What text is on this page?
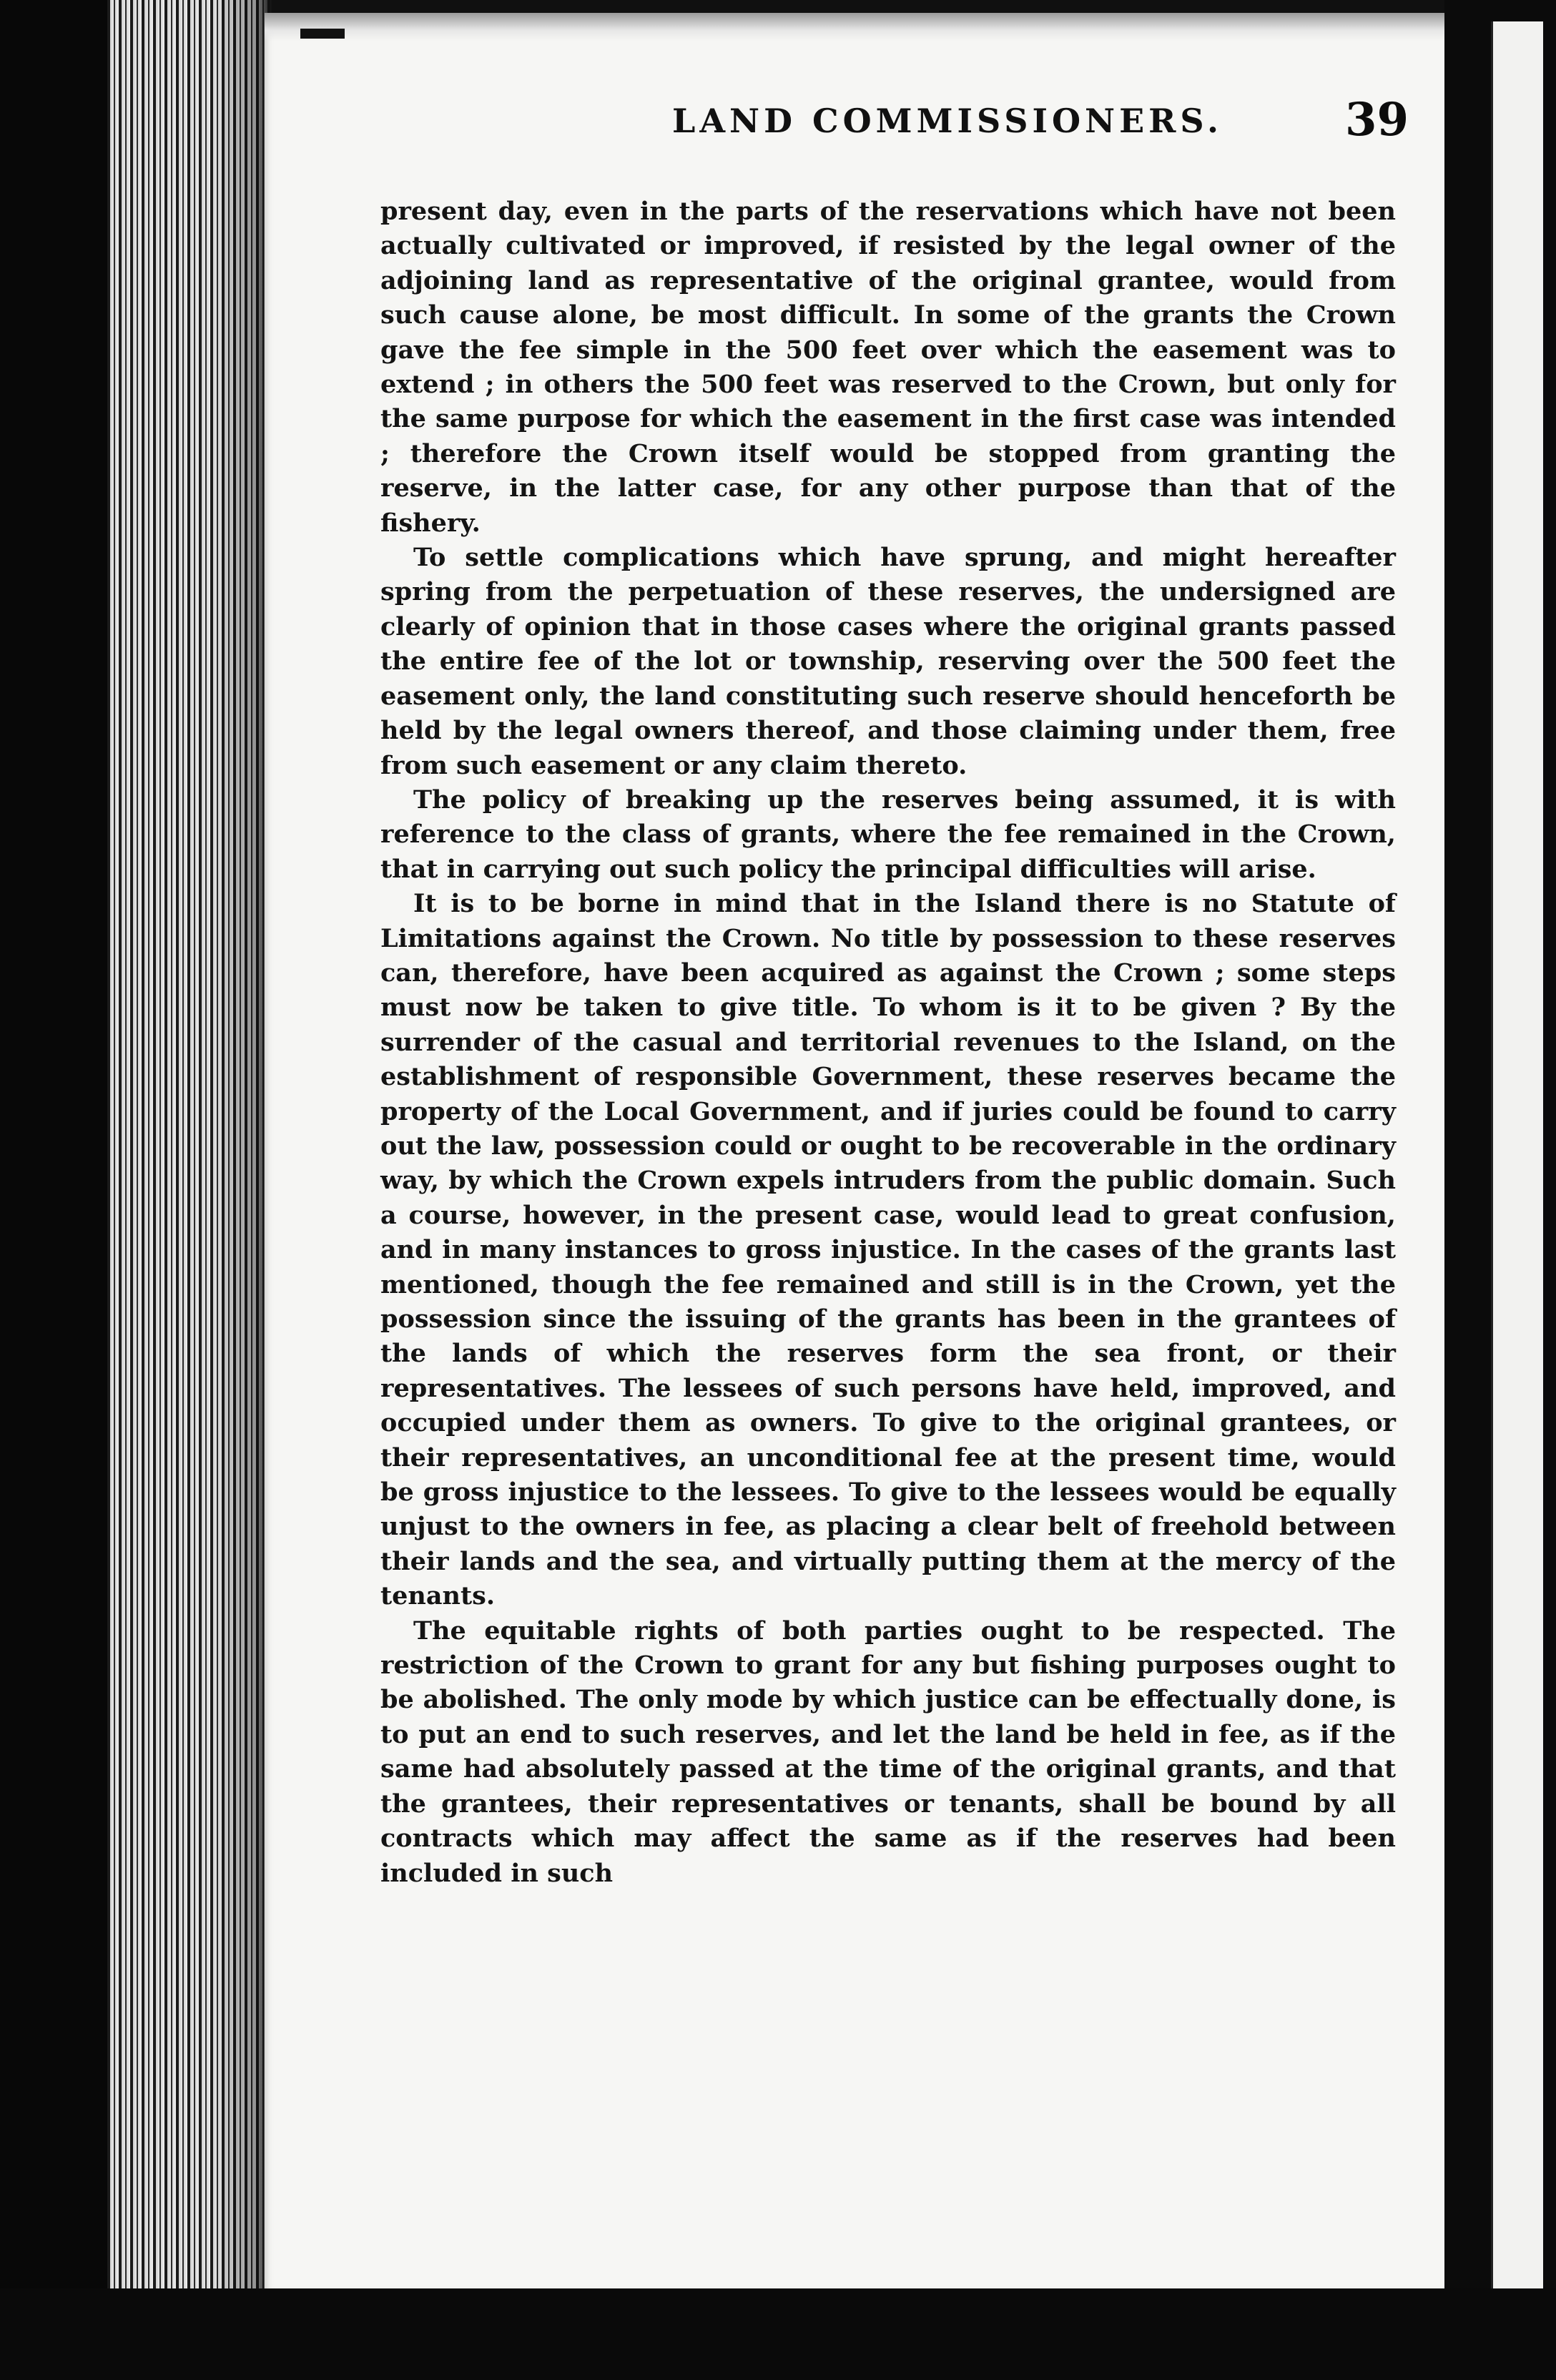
LAND COMMISSIONERS.	39

present day, even in the parts of the reservations which have not been actually cultivated or improved, if resisted by the legal owner of the adjoining land as representative of the original grantee, would from such cause alone, be most difficult. In some of the grants the Crown gave the fee simple in the 500 feet over which the easement was to extend ; in others the 500 feet was reserved to the Crown, but only for the same purpose for which the easement in the first case was intended ; therefore the Crown itself would be stopped from granting the reserve, in the latter case, for any other purpose than that of the fishery.

To settle complications which have sprung, and might hereafter spring from the perpetuation of these reserves, the undersigned are clearly of opinion that in those cases where the original grants passed the entire fee of the lot or township, reserving over the 500 feet the easement only, the land constituting such reserve should henceforth be held by the legal owners thereof, and those claiming under them, free from such easement or any claim thereto.

The policy of breaking up the reserves being assumed, it is with reference to the class of grants, where the fee remained in the Crown, that in carrying out such policy the principal difficulties will arise.

It is to be borne in mind that in the Island there is no Statute of Limitations against the Crown. No title by possession to these reserves can, therefore, have been acquired as against the Crown ; some steps must now be taken to give title. To whom is it to be given ? By the surrender of the casual and territorial revenues to the Island, on the establishment of responsible Government, these reserves became the property of the Local Government, and if juries could be found to carry out the law, possession could or ought to be recoverable in the ordinary way, by which the Crown expels intruders from the public domain. Such a course, however, in the present case, would lead to great confusion, and in many instances to gross injustice. In the cases of the grants last mentioned, though the fee remained and still is in the Crown, yet the possession since the issuing of the grants has been in the grantees of the lands of which the reserves form the sea front, or their representatives. The lessees of such persons have held, improved, and occupied under them as owners. To give to the original grantees, or their representatives, an unconditional fee at the present time, would be gross injustice to the lessees. To give to the lessees would be equally unjust to the owners in fee, as placing a clear belt of freehold between their lands and the sea, and virtually putting them at the mercy of the tenants.

The equitable rights of both parties ought to be respected. The restriction of the Crown to grant for any but fishing purposes ought to be abolished. The only mode by which justice can be effectually done, is to put an end to such reserves, and let the land be held in fee, as if the same had absolutely passed at the time of the original grants, and that the grantees, their representatives or tenants, shall be bound by all contracts which may affect the same as if the reserves had been included in such
